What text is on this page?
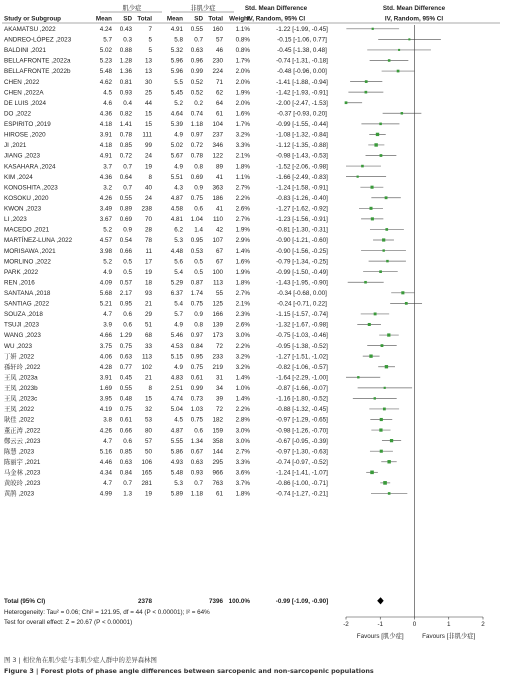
肌少症	非肌少症	Std. Mean Difference	Std. Mean Difference
Study or Subgroup	Mean SD Total Mean SD Total Weight
IV, Random, 95% CI	IV, Random, 95% CI
AKAMATSU ,2022	4.24 0.43	7	4.91 0.55 160 1.1%	-1.22 [-1.99, -0.45]
ANDREO-LÓPEZ ,2023	5.7 0.3	5	5.8 0.7 57 0.8%	-0.15 [-1.06, 0.77]
BALDINI ,2021	5.02 0.88	5	5.32 0.63 46 0.8%	-0.45 [-1.38, 0.48]
BELLAFRONTE ,2022a	5.23 1.28 13	5.96 0.96 230 1.7%	-0.74 [-1.31, -0.18]
BELLAFRONTE ,2022b	5.48 1.36 13	5.96 0.99 224 2.0%	-0.48 [-0.96, 0.00]
CHEN ,2022	4.62 0.81 30	5.5 0.52 71 2.0%	-1.41 [-1.88, -0.94]
CHEN ,2022A	4.5 0.93 25	5.45 0.52 62 1.9%	-1.42 [-1.93, -0.91]
DE LUIS ,2024	4.6 0.4 44	5.2 0.2 64 2.0%	-2.00 [-2.47, -1.53]
DO ,2022	4.36 0.82 15	4.64 0.74 61 1.6%	-0.37 [-0.93, 0.20]
ESPIRITO ,2019	4.18 1.41 15	5.39 1.18 104 1.7%	-0.99 [-1.55, -0.44]
HIROSE ,2020	3.91 0.78 111	4.9 0.97 237 3.2%	-1.08 [-1.32, -0.84]
JI ,2021	4.18 0.85 99	5.02 0.72 346 3.3%	-1.12 [-1.35, -0.88]
JIANG ,2023	4.91 0.72 24	5.67 0.78 122 2.1%	-0.98 [-1.43, -0.53]
KASAHARA ,2024	3.7 0.7 19	4.9 0.8 89 1.8%	-1.52 [-2.06, -0.98]
KIM ,2024	4.36 0.64	8	5.51 0.69 41 1.1%	-1.66 [-2.49, -0.83]
KONOSHITA ,2023	3.2 0.7 40	4.3 0.9 363 2.7%	-1.24 [-1.58, -0.91]
KOSOKU ,2020	4.26 0.55 24	4.87 0.75 186 2.2%	-0.83 [-1.26, -0.40]
KWON ,2023	3.49 0.89 238	4.58 0.6 41 2.6%	-1.27 [-1.62, -0.92]
LI ,2023	3.67 0.69 70	4.81 1.04 110 2.7%	-1.23 [-1.56, -0.91]
MACEDO ,2021	5.2 0.9 28	6.2 1.4 42 1.9%	-0.81 [-1.30, -0.31]
MARTÍNEZ-LUNA ,2022	4.57 0.54 78	5.3 0.95 107 2.9%	-0.90 [-1.21, -0.60]
MORISAWA ,2021	3.98 0.66 11	4.48 0.53 67 1.4%	-0.90 [-1.56, -0.25]
MORLINO ,2022	5.2 0.5 17	5.6 0.5 67 1.6%	-0.79 [-1.34, -0.25]
PARK ,2022	4.9 0.5 19	5.4 0.5 100 1.9%	-0.99 [-1.50, -0.49]
REN ,2016	4.09 0.57 18	5.29 0.87 113 1.8%	-1.43 [-1.95, -0.90]
SANTANA ,2018	5.68 2.17 93	6.37 1.74 55 2.7%	-0.34 [-0.68, 0.00]
SANTIAG ,2022	5.21 0.95 21	5.4 0.75 125 2.1%	-0.24 [-0.71, 0.22]
SOUZA ,2018	4.7 0.6 29	5.7 0.9 166 2.3%	-1.15 [-1.57, -0.74]
TSUJI ,2023	3.9 0.6 51	4.9 0.8 139 2.6%	-1.32 [-1.67, -0.98]
WANG ,2023	4.66 1.29 68	5.46 0.97 173 3.0%	-0.75 [-1.03, -0.46]
WU ,2023	3.75 0.75 33	4.53 0.84 72 2.2%	-0.95 [-1.38, -0.52]
丁妍 ,2022	4.06 0.63 113	5.15 0.95 233 3.2%	-1.27 [-1.51, -1.02]
孫轩玲 ,2022	4.28 0.77 102	4.9 0.75 219 3.2%	-0.82 [-1.06, -0.57]
王凤 ,2023a	3.91 0.45 21	4.83 0.61 31 1.4%	-1.64 [-2.29, -1.00]
王凤 ,2023b	1.69 0.55	8	2.51 0.99 34 1.0%	-0.87 [-1.66, -0.07]
王凤 ,2023c	3.95 0.48 15	4.74 0.73 39 1.4%	-1.16 [-1.80, -0.52]
王凤 ,2022	4.19 0.75 32	5.04 1.03 72 2.2%	-0.88 [-1.32, -0.45]
耿佳 ,2022	3.8 0.61 53	4.5 0.75 182 2.8%	-0.97 [-1.29, -0.65]
董正涛 ,2022	4.26 0.66 80	4.87 0.6 159 3.0%	-0.98 [-1.26, -0.70]
鄭云云 ,2023	4.7 0.6 57	5.55 1.34 358 3.0%	-0.67 [-0.95, -0.39]
陈慧 ,2023	5.16 0.85 50	5.86 0.67 144 2.7%	-0.97 [-1.30, -0.63]
陈丽宇 ,2021	4.46 0.63 106	4.93 0.63 295 3.3%	-0.74 [-0.97, -0.52]
马金林 ,2023	4.34 0.84 165	5.48 0.93 966 3.6%	-1.24 [-1.41, -1.07]
黄皎玲 ,2023	4.7 0.7 281	5.3 0.7 763 3.7%	-0.86 [-1.00, -0.71]
黄鹃 ,2023	4.99 1.3 19	5.89 1.18 61 1.8%	-0.74 [-1.27, -0.21]
Total (95% CI)	2378	7396 100.0%	-0.99 [-1.09, -0.90]
Heterogeneity: Tau² = 0.06; Chi² = 121.95, df = 44 (P < 0.00001); I² = 64%
Test for overall effect: Z = 20.67 (P < 0.00001)	-2	-1	0	1	2
Favours [肌少症]	Favours [非肌少症]
图 3 | 相位角在肌少症与非肌少症人群中的差异森林图
Figure 3 | Forest plots of phase angle differences between sarcopenic and non-sarcopenic populations
